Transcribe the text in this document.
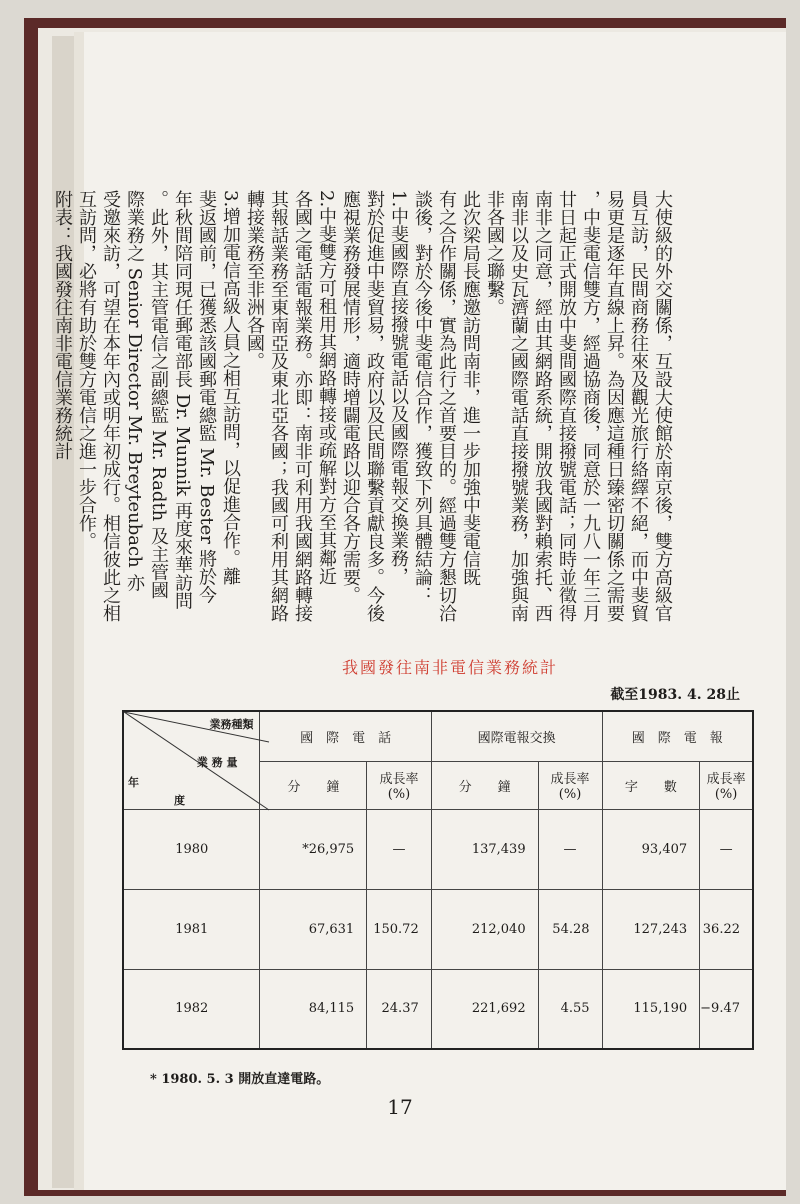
大使級的外交關係，互設大使館於南京後，雙方高級官
員互訪，民間商務往來及觀光旅行絡繹不絕，而中斐貿
易更是逐年直線上昇。為因應這種日臻密切關係之需要
，中斐電信雙方，經過協商後，同意於一九八一年三月
廿日起正式開放中斐間國際直接撥號電話；同時並徵得
南非之同意，經由其網路系統，開放我國對賴索托、西
南非以及史瓦濟蘭之國際電話直接撥號業務，加強與南
非各國之聯繫。
此次梁局長應邀訪問南非，進一步加強中斐電信既
有之合作關係，實為此行之首要目的。經過雙方懇切洽
談後，對於今後中斐電信合作，獲致下列具體結論：
1.中斐國際直接撥號電話以及國際電報交換業務，
對於促進中斐貿易，政府以及民間聯繫貢獻良多。今後
應視業務發展情形，適時增闢電路以迎合各方需要。
2.中斐雙方可租用其網路轉接或疏解對方至其鄰近
各國之電話電報業務。亦即：南非可利用我國網路轉接
其報話業務至東南亞及東北亞各國；我國可利用其網路
轉接業務至非洲各國。
3.增加電信高級人員之相互訪問，以促進合作。離
斐返國前，已獲悉該國郵電總監 Mr. Bester 將於今
年秋間陪同現任郵電部長 Dr. Munnik 再度來華訪問
。此外，其主管電信之副總監 Mr. Radth 及主管國
際業務之 Senior Director Mr. Breyteubach 亦
受邀來訪，可望在本年內或明年初成行。相信彼此之相
互訪問，必將有助於雙方電信之進一步合作。
附表：我國發往南非電信業務統計
我國發往南非電信業務統計
截至1983. 4. 28止
業務種類
業 務 量
年
度	國　際　電　話		國際電報交換		國　際　電　報	
	分　　鐘	成長率 (%)	分　　鐘	成長率 (%)	字　　數	成長率 (%)
1980	*26,975	—	137,439	—	93,407	—
1981	67,631	150.72	212,040	54.28	127,243	36.22
1982	84,115	24.37	221,692	4.55	115,190	−9.47
* 1980. 5. 3 開放直達電路。
17
